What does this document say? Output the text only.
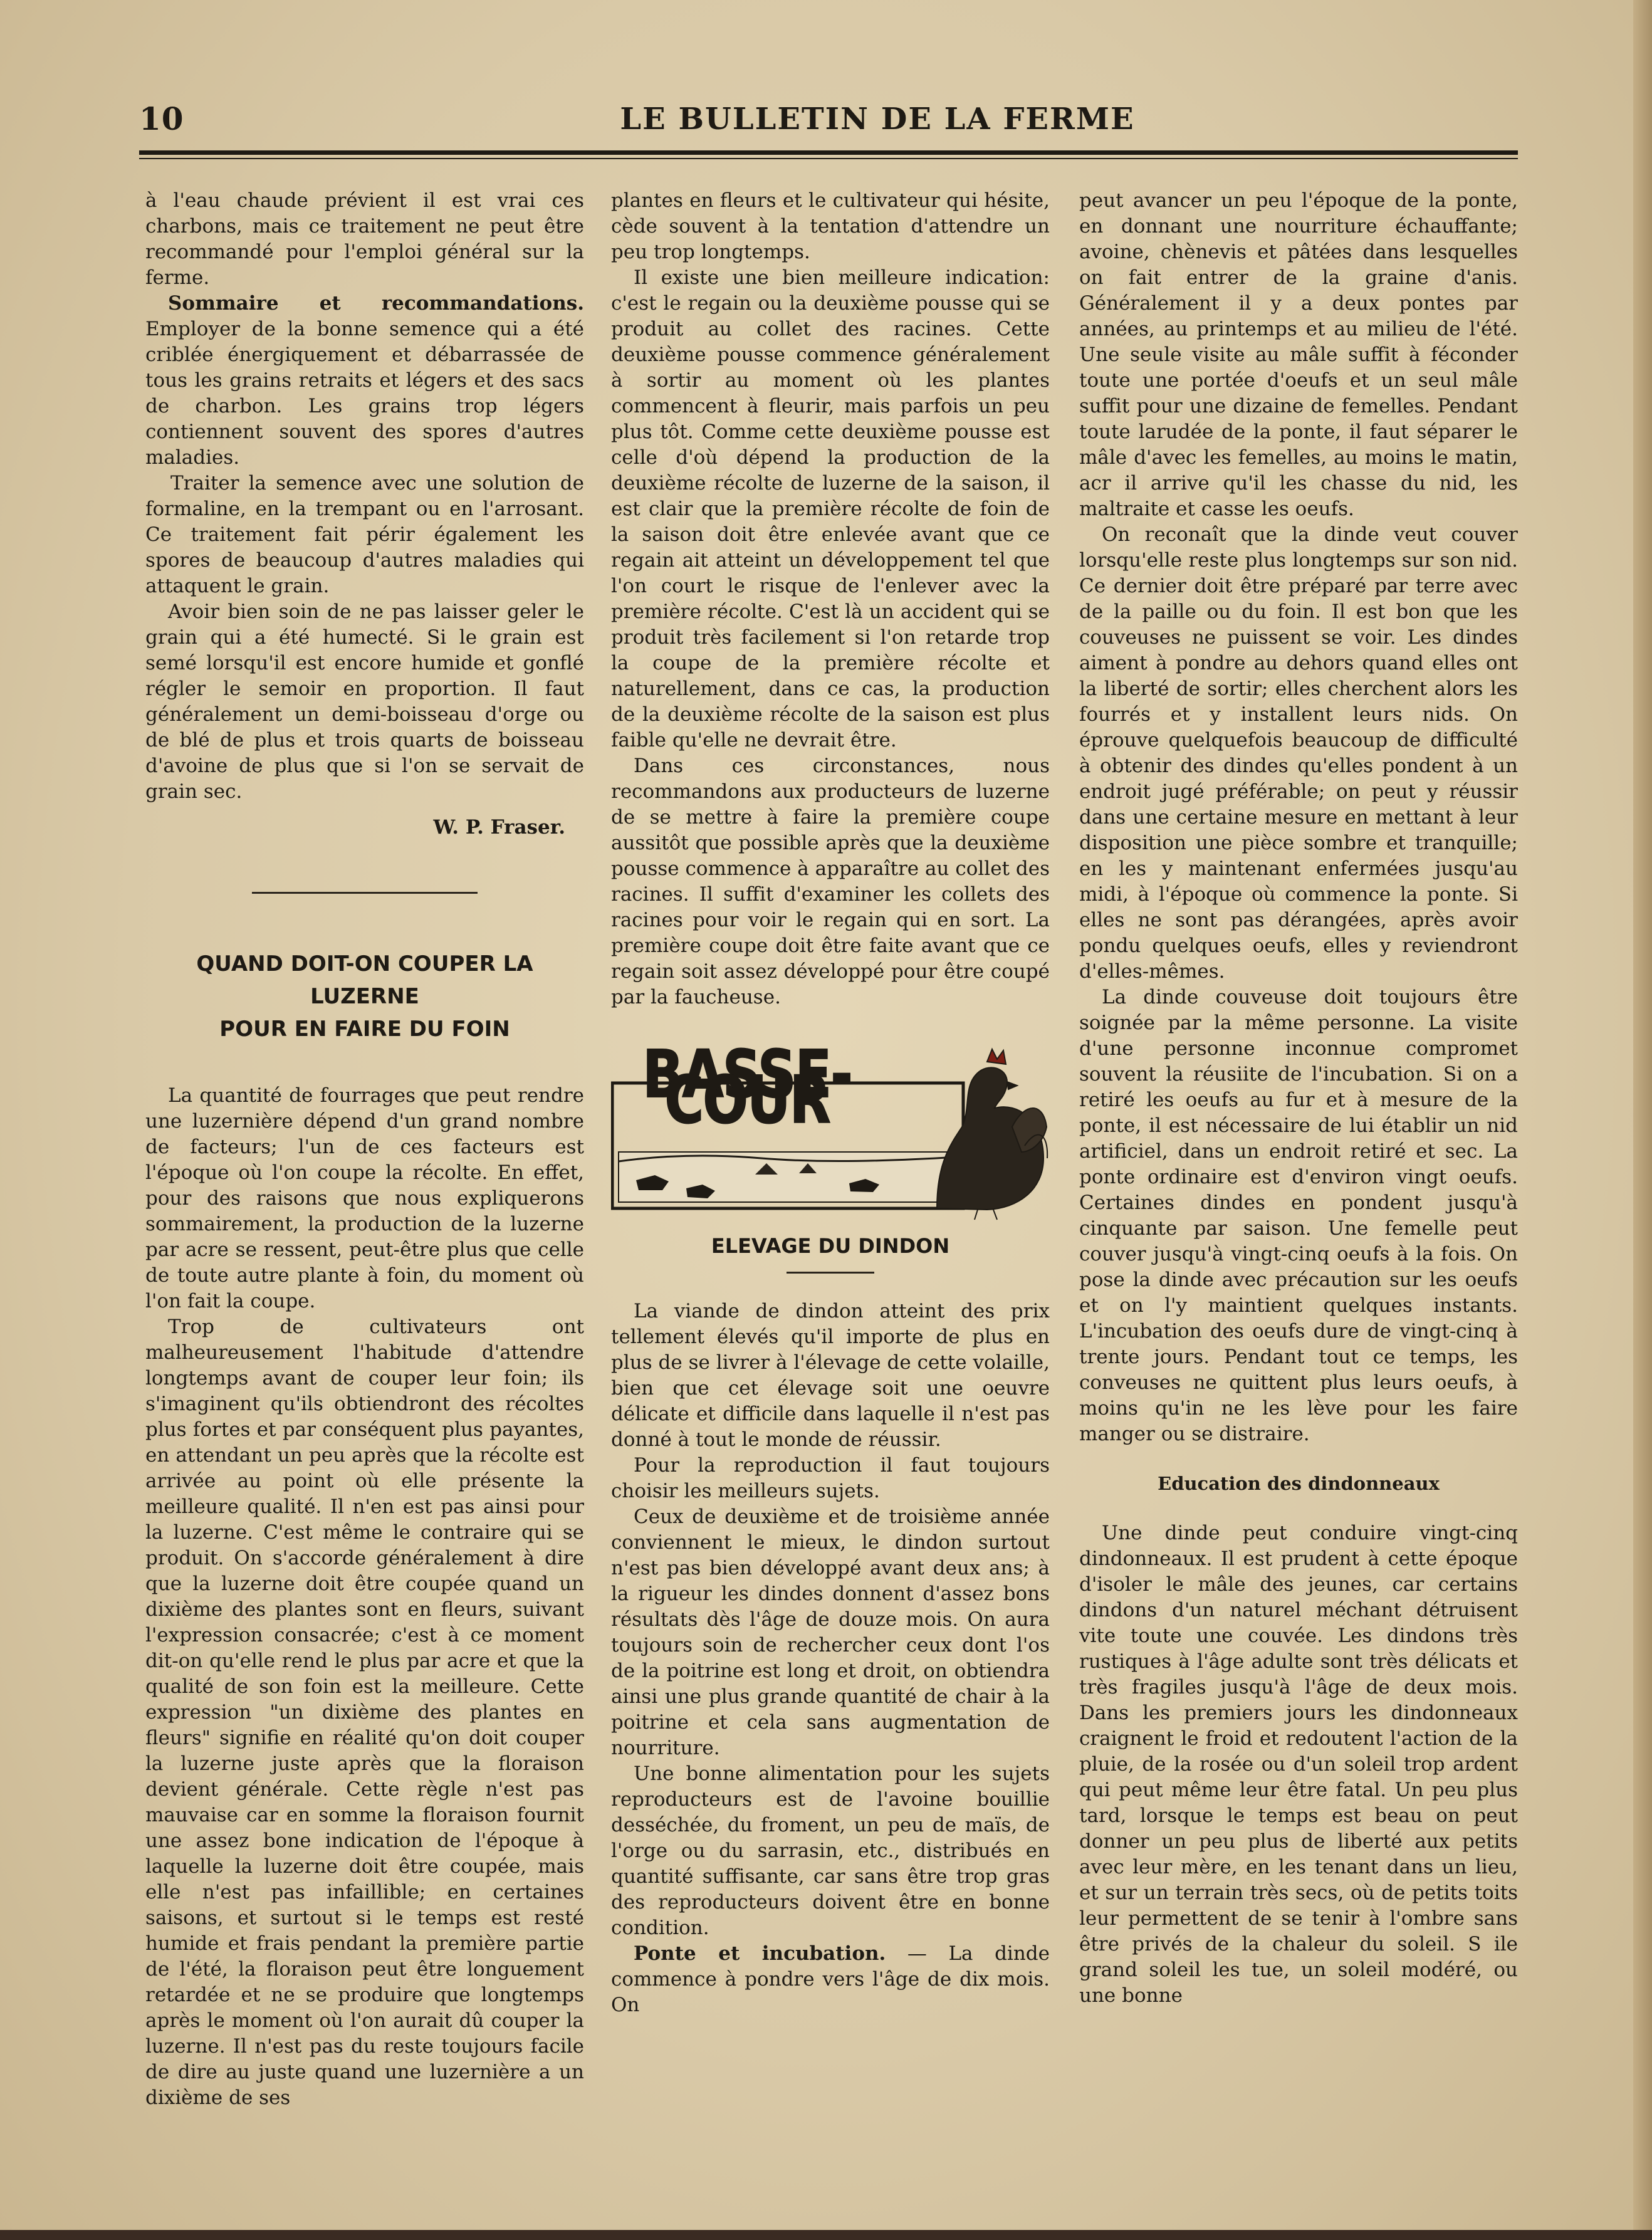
10	LE BULLETIN DE LA FERME

à l'eau chaude prévient il est vrai ces charbons, mais ce traitement ne peut être recommandé pour l'emploi général sur la ferme.

Sommaire et recommandations. Employer de la bonne semence qui a été criblée énergiquement et débarrassée de tous les grains retraits et légers et des sacs de charbon. Les grains trop légers contiennent souvent des spores d'autres maladies.

Traiter la semence avec une solution de formaline, en la trempant ou en l'arrosant. Ce traitement fait périr également les spores de beaucoup d'autres maladies qui attaquent le grain.

Avoir bien soin de ne pas laisser geler le grain qui a été humecté. Si le grain est semé lorsqu'il est encore humide et gonflé régler le semoir en proportion. Il faut généralement un demi-boisseau d'orge ou de blé de plus et trois quarts de boisseau d'avoine de plus que si l'on se servait de grain sec.

W. P. Fraser.
QUAND DOIT-ON COUPER LA LUZERNE
POUR EN FAIRE DU FOIN

La quantité de fourrages que peut rendre une luzernière dépend d'un grand nombre de facteurs; l'un de ces facteurs est l'époque où l'on coupe la récolte. En effet, pour des raisons que nous expliquerons sommairement, la production de la luzerne par acre se ressent, peut-être plus que celle de toute autre plante à foin, du moment où l'on fait la coupe.

Trop de cultivateurs ont malheureusement l'habitude d'attendre longtemps avant de couper leur foin; ils s'imaginent qu'ils obtiendront des récoltes plus fortes et par conséquent plus payantes, en attendant un peu après que la récolte est arrivée au point où elle présente la meilleure qualité. Il n'en est pas ainsi pour la luzerne. C'est même le contraire qui se produit. On s'accorde généralement à dire que la luzerne doit être coupée quand un dixième des plantes sont en fleurs, suivant l'expression consacrée; c'est à ce moment dit-on qu'elle rend le plus par acre et que la qualité de son foin est la meilleure. Cette expression "un dixième des plantes en fleurs" signifie en réalité qu'on doit couper la luzerne juste après que la floraison devient générale. Cette règle n'est pas mauvaise car en somme la floraison fournit une assez bone indication de l'époque à laquelle la luzerne doit être coupée, mais elle n'est pas infaillible; en certaines saisons, et surtout si le temps est resté humide et frais pendant la première partie de l'été, la floraison peut être longuement retardée et ne se produire que longtemps après le moment où l'on aurait dû couper la luzerne. Il n'est pas du reste toujours facile de dire au juste quand une luzernière a un dixième de ses

plantes en fleurs et le cultivateur qui hésite, cède souvent à la tentation d'attendre un peu trop longtemps.

Il existe une bien meilleure indication: c'est le regain ou la deuxième pousse qui se produit au collet des racines. Cette deuxième pousse commence généralement à sortir au moment où les plantes commencent à fleurir, mais parfois un peu plus tôt. Comme cette deuxième pousse est celle d'où dépend la production de la deuxième récolte de luzerne de la saison, il est clair que la première récolte de foin de la saison doit être enlevée avant que ce regain ait atteint un développement tel que l'on court le risque de l'enlever avec la première récolte. C'est là un accident qui se produit très facilement si l'on retarde trop la coupe de la première récolte et naturellement, dans ce cas, la production de la deuxième récolte de la saison est plus faible qu'elle ne devrait être.

Dans ces circonstances, nous recommandons aux producteurs de luzerne de se mettre à faire la première coupe aussitôt que possible après que la deuxième pousse commence à apparaître au collet des racines. Il suffit d'examiner les collets des racines pour voir le regain qui en sort. La première coupe doit être faite avant que ce regain soit assez développé pour être coupé par la faucheuse.

BASSE-COUR
ELEVAGE DU DINDON

La viande de dindon atteint des prix tellement élevés qu'il importe de plus en plus de se livrer à l'élevage de cette volaille, bien que cet élevage soit une oeuvre délicate et difficile dans laquelle il n'est pas donné à tout le monde de réussir.

Pour la reproduction il faut toujours choisir les meilleurs sujets.

Ceux de deuxième et de troisième année conviennent le mieux, le dindon surtout n'est pas bien développé avant deux ans; à la rigueur les dindes donnent d'assez bons résultats dès l'âge de douze mois. On aura toujours soin de rechercher ceux dont l'os de la poitrine est long et droit, on obtiendra ainsi une plus grande quantité de chair à la poitrine et cela sans augmentation de nourriture.

Une bonne alimentation pour les sujets reproducteurs est de l'avoine bouillie desséchée, du froment, un peu de maïs, de l'orge ou du sarrasin, etc., distribués en quantité suffisante, car sans être trop gras des reproducteurs doivent être en bonne condition.

Ponte et incubation. — La dinde commence à pondre vers l'âge de dix mois. On

peut avancer un peu l'époque de la ponte, en donnant une nourriture échauffante; avoine, chènevis et pâtées dans lesquelles on fait entrer de la graine d'anis. Généralement il y a deux pontes par années, au printemps et au milieu de l'été. Une seule visite au mâle suffit à féconder toute une portée d'oeufs et un seul mâle suffit pour une dizaine de femelles. Pendant toute larudée de la ponte, il faut séparer le mâle d'avec les femelles, au moins le matin, acr il arrive qu'il les chasse du nid, les maltraite et casse les oeufs.

On reconaît que la dinde veut couver lorsqu'elle reste plus longtemps sur son nid. Ce dernier doit être préparé par terre avec de la paille ou du foin. Il est bon que les couveuses ne puissent se voir. Les dindes aiment à pondre au dehors quand elles ont la liberté de sortir; elles cherchent alors les fourrés et y installent leurs nids. On éprouve quelquefois beaucoup de difficulté à obtenir des dindes qu'elles pondent à un endroit jugé préférable; on peut y réussir dans une certaine mesure en mettant à leur disposition une pièce sombre et tranquille; en les y maintenant enfermées jusqu'au midi, à l'époque où commence la ponte. Si elles ne sont pas dérangées, après avoir pondu quelques oeufs, elles y reviendront d'elles-mêmes.

La dinde couveuse doit toujours être soignée par la même personne. La visite d'une personne inconnue compromet souvent la réusiite de l'incubation. Si on a retiré les oeufs au fur et à mesure de la ponte, il est nécessaire de lui établir un nid artificiel, dans un endroit retiré et sec. La ponte ordinaire est d'environ vingt oeufs. Certaines dindes en pondent jusqu'à cinquante par saison. Une femelle peut couver jusqu'à vingt-cinq oeufs à la fois. On pose la dinde avec précaution sur les oeufs et on l'y maintient quelques instants. L'incubation des oeufs dure de vingt-cinq à trente jours. Pendant tout ce temps, les conveuses ne quittent plus leurs oeufs, à moins qu'in ne les lève pour les faire manger ou se distraire.

Education des dindonneaux

Une dinde peut conduire vingt-cinq dindonneaux. Il est prudent à cette époque d'isoler le mâle des jeunes, car certains dindons d'un naturel méchant détruisent vite toute une couvée. Les dindons très rustiques à l'âge adulte sont très délicats et très fragiles jusqu'à l'âge de deux mois. Dans les premiers jours les dindonneaux craignent le froid et redoutent l'action de la pluie, de la rosée ou d'un soleil trop ardent qui peut même leur être fatal. Un peu plus tard, lorsque le temps est beau on peut donner un peu plus de liberté aux petits avec leur mère, en les tenant dans un lieu, et sur un terrain très secs, où de petits toits leur permettent de se tenir à l'ombre sans être privés de la chaleur du soleil. S ile grand soleil les tue, un soleil modéré, ou une bonne
